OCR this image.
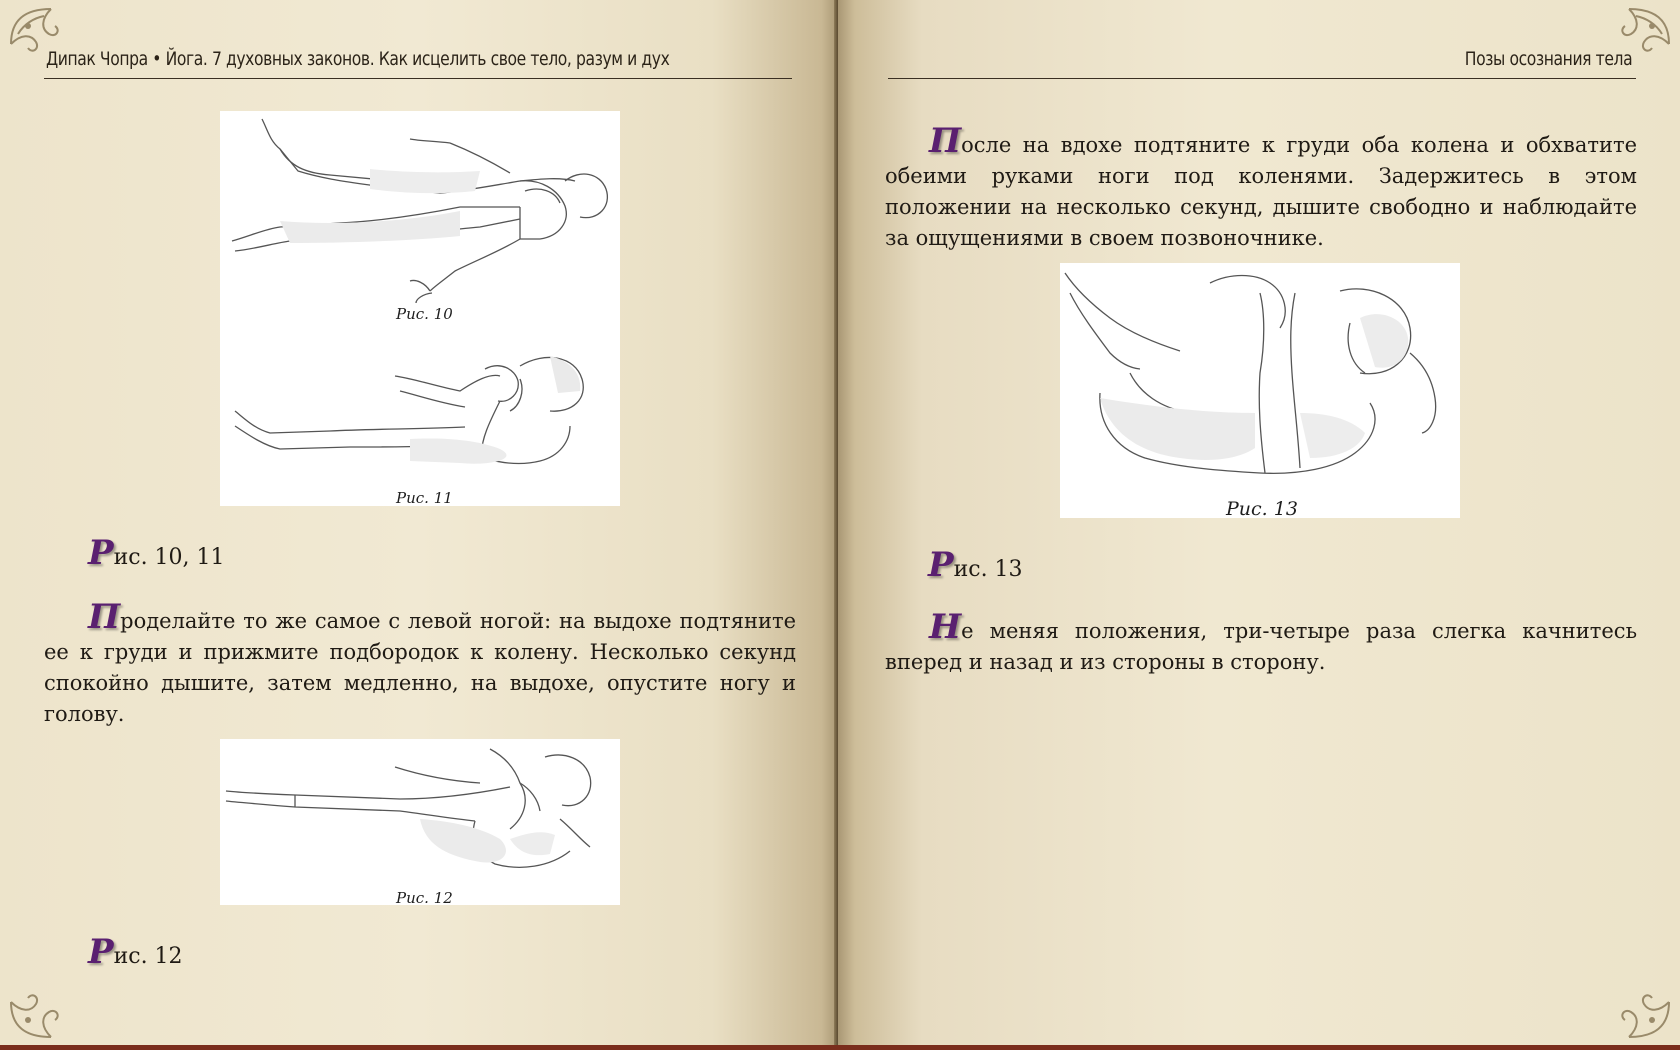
Дипак Чопра • Йога. 7 духовных законов. Как исцелить свое тело, разум и дух
Рис. 10
Рис. 11
Рис. 10, 11

Проделайте то же самое с левой ногой: на выдохе подтяните ее к груди и прижмите подбородок к колену. Несколько секунд спокойно дышите, затем медленно, на выдохе, опустите ногу и голову.

Рис. 12
Рис. 12
Позы осознания тела

После на вдохе подтяните к груди оба колена и обхватите обеими руками ноги под коленями. Задержитесь в этом положении на несколько секунд, дышите свободно и наблюдайте за ощущениями в своем позвоночнике.

Рис. 13
Рис. 13

Не меняя положения, три-четыре раза слегка качнитесь вперед и назад и из стороны в сторону.
